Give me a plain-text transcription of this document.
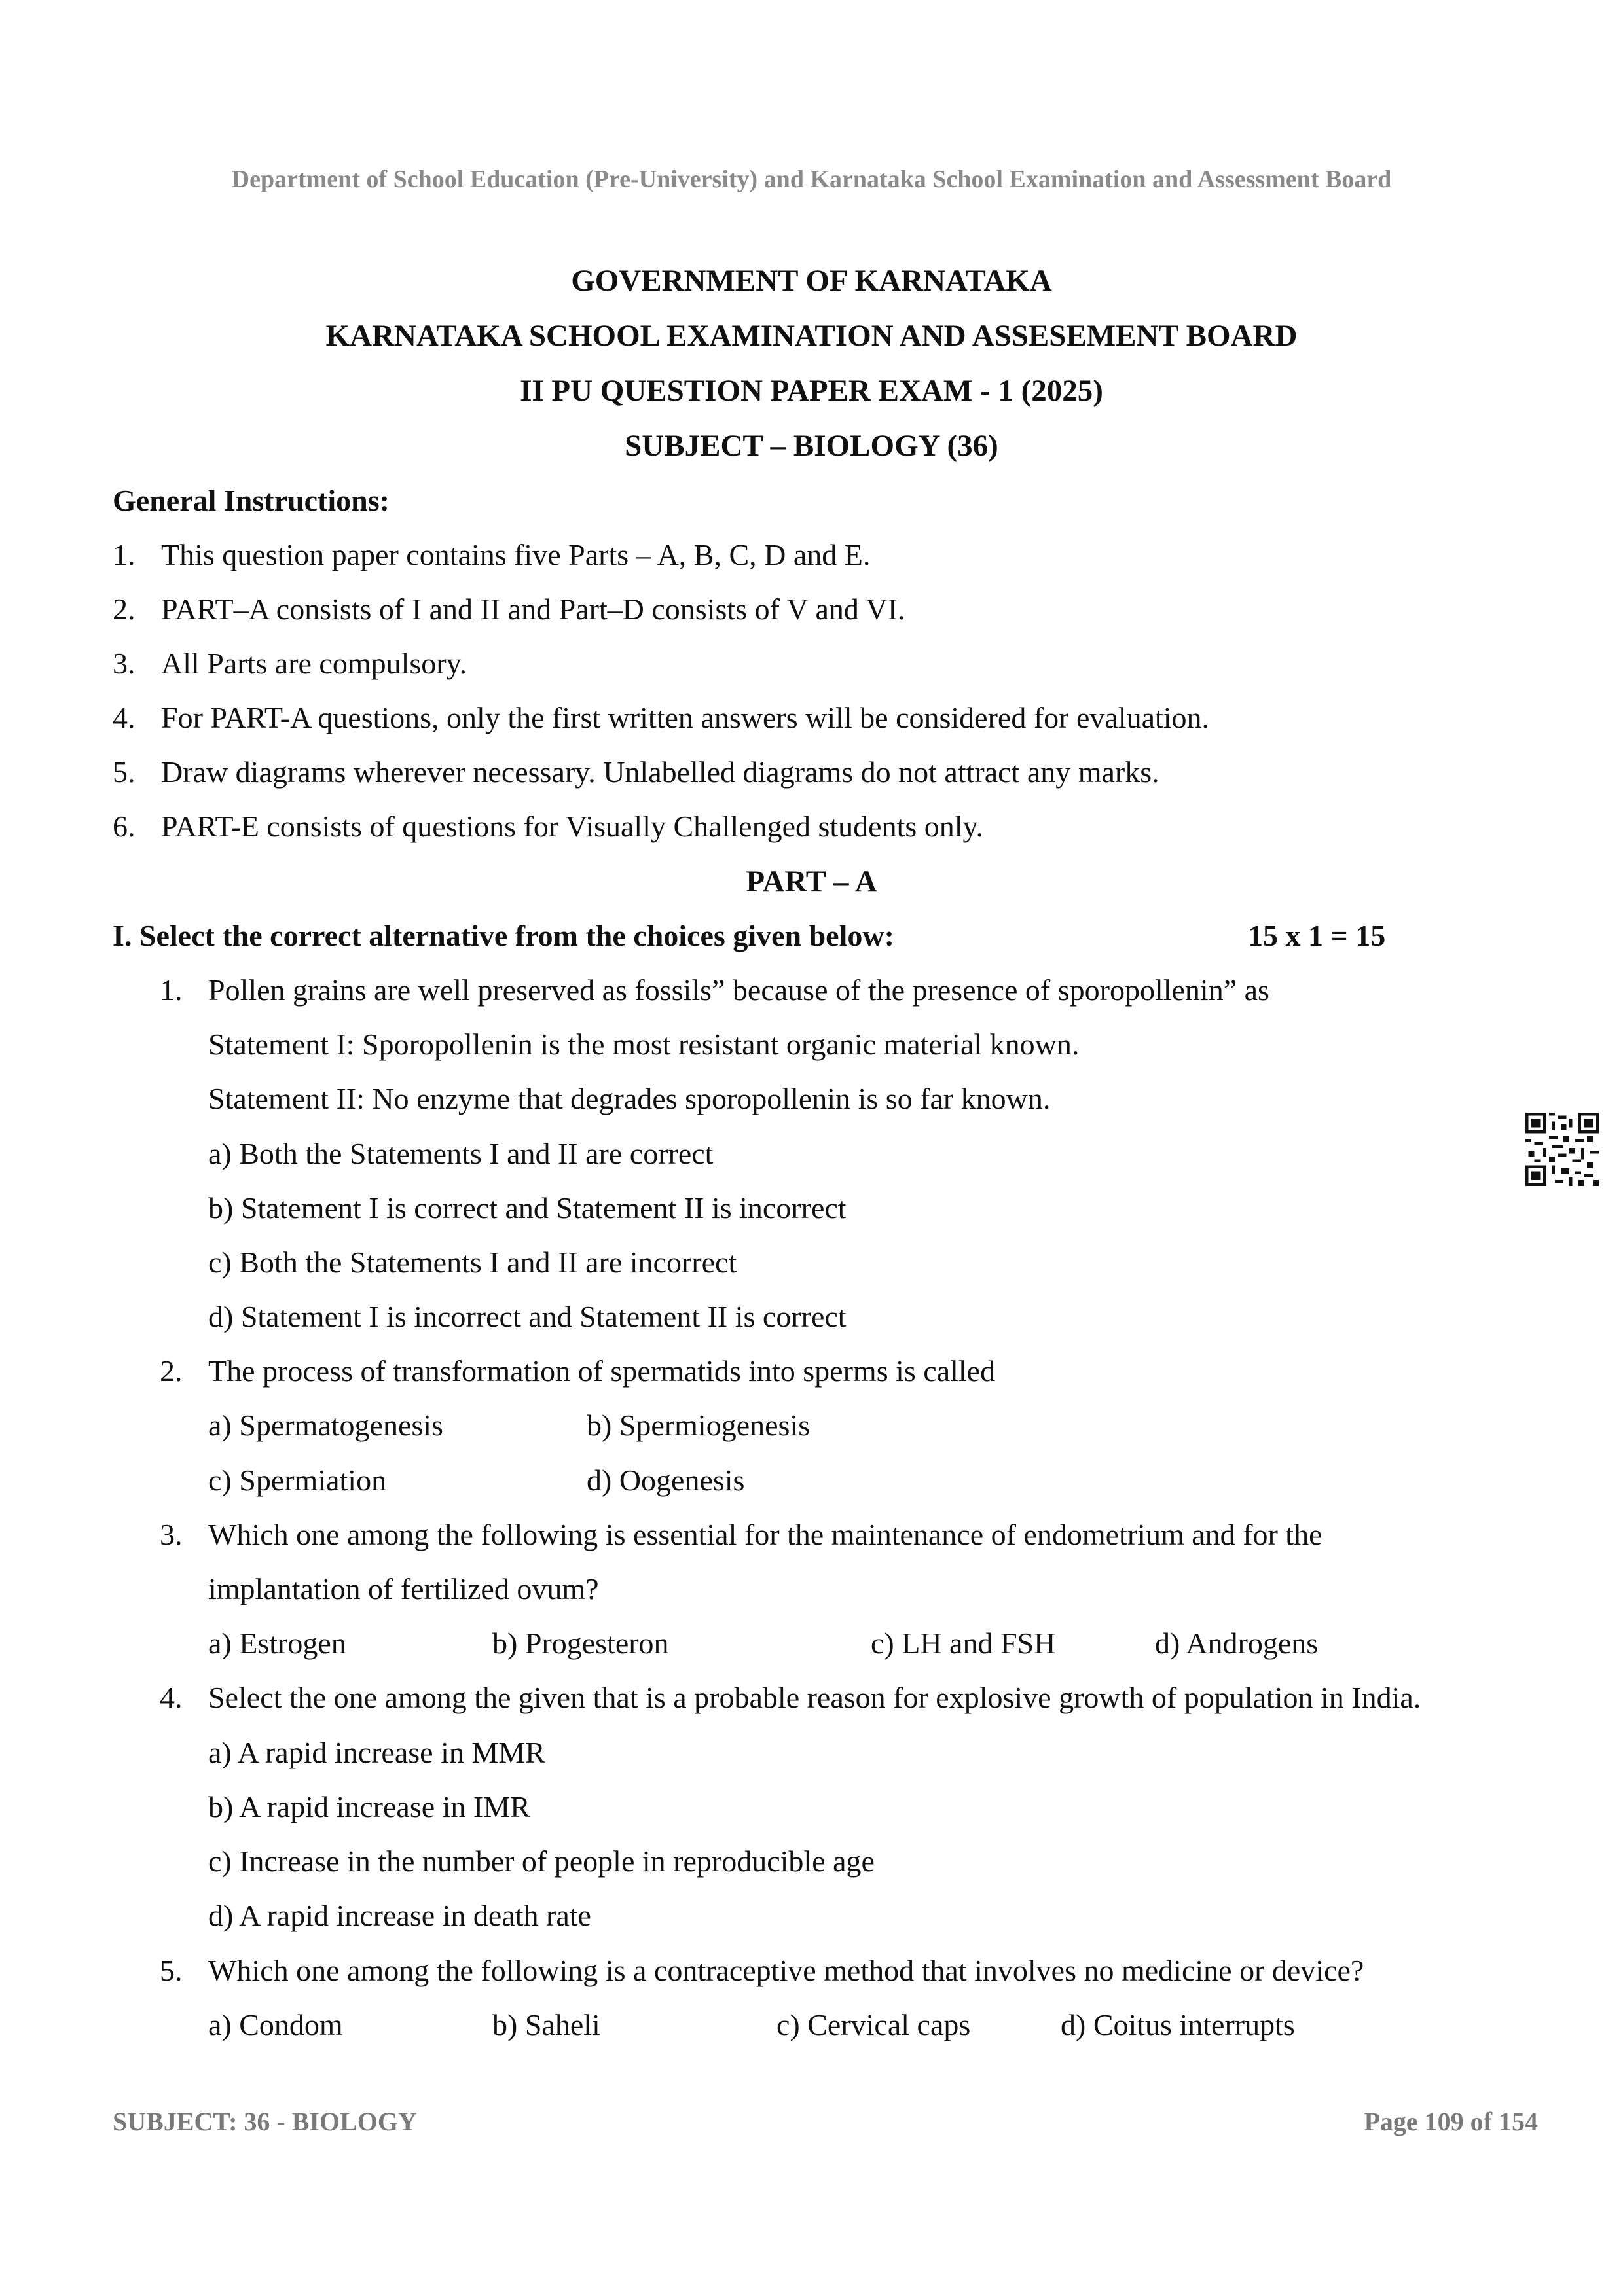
Department of School Education (Pre-University) and Karnataka School Examination and Assessment Board
GOVERNMENT OF KARNATAKA
KARNATAKA SCHOOL EXAMINATION AND ASSESEMENT BOARD
II PU QUESTION PAPER EXAM - 1 (2025)
SUBJECT – BIOLOGY (36)
General Instructions:
1. This question paper contains five Parts – A, B, C, D and E.
2. PART–A consists of I and II and Part–D consists of V and VI.
3. All Parts are compulsory.
4. For PART-A questions, only the first written answers will be considered for evaluation.
5. Draw diagrams wherever necessary. Unlabelled diagrams do not attract any marks.
6. PART-E consists of questions for Visually Challenged students only.
PART – A
I. Select the correct alternative from the choices given below:	15 x 1 = 15
1. Pollen grains are well preserved as fossils” because of the presence of sporopollenin” as
Statement I: Sporopollenin is the most resistant organic material known.
Statement II: No enzyme that degrades sporopollenin is so far known.
a) Both the Statements I and II are correct
b) Statement I is correct and Statement II is incorrect
c) Both the Statements I and II are incorrect
d) Statement I is incorrect and Statement II is correct
2. The process of transformation of spermatids into sperms is called
a) Spermatogenesis	b) Spermiogenesis
c) Spermiation	d) Oogenesis
3. Which one among the following is essential for the maintenance of endometrium and for the
implantation of fertilized ovum?
a) Estrogen	b) Progesteron	c) LH and FSH	d) Androgens
4. Select the one among the given that is a probable reason for explosive growth of population in India.
a) A rapid increase in MMR
b) A rapid increase in IMR
c) Increase in the number of people in reproducible age
d) A rapid increase in death rate
5. Which one among the following is a contraceptive method that involves no medicine or device?
a) Condom	b) Saheli	c) Cervical caps	d) Coitus interrupts
SUBJECT: 36 - BIOLOGY	Page 109 of 154
